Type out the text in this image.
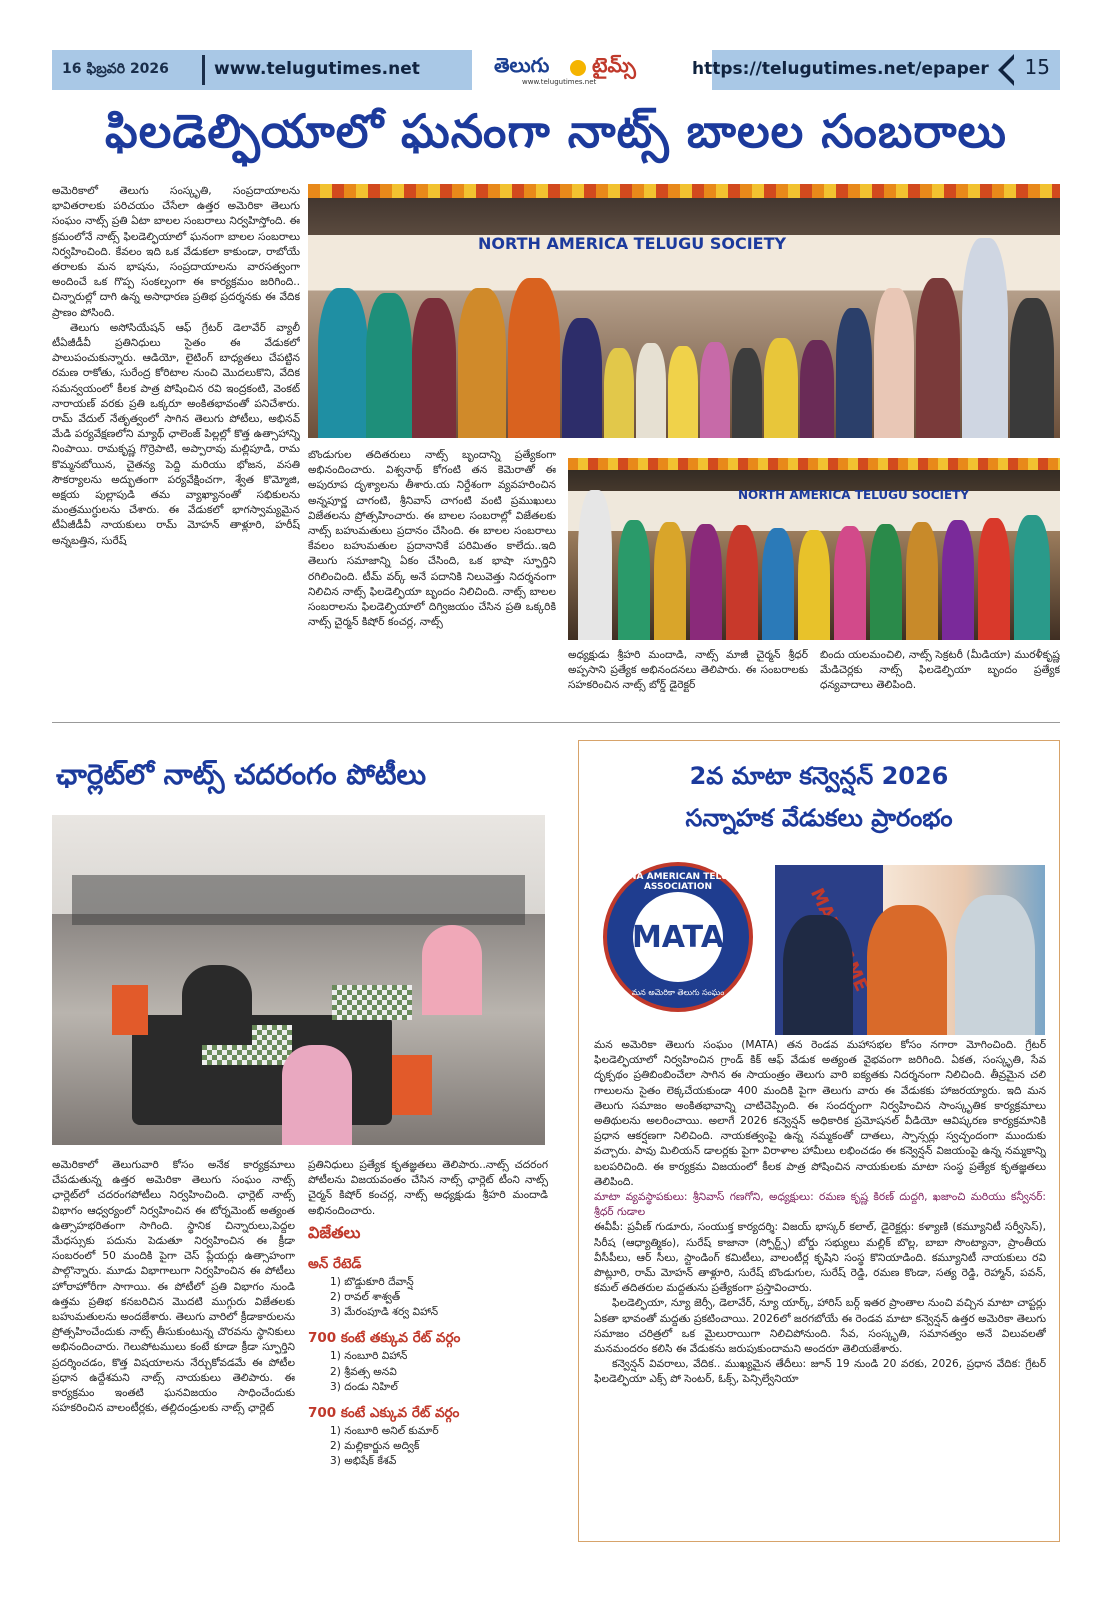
16 ఫిబ్రవరి 2026	www.telugutimes.net	తెలుగు టైమ్స్
www.telugutimes.net
https://telugutimes.net/epaper 15
ఫిలడెల్ఫియాలో ఘనంగా నాట్స్ బాలల సంబరాలు

అమెరికాలో తెలుగు సంస్కృతి, సంప్రదాయాలను భావితరాలకు పరిచయం చేసేలా ఉత్తర అమెరికా తెలుగు సంఘం నాట్స్ ప్రతి ఏటా బాలల సంబరాలు నిర్వహిస్తోంది. ఈ క్రమంలోనే నాట్స్ ఫిలడెల్ఫియాలో ఘనంగా బాలల సంబరాలు నిర్వహించింది. కేవలం ఇది ఒక వేడుకలా కాకుండా, రాబోయే తరాలకు మన భాషను, సంప్రదాయాలను వారసత్వంగా అందించే ఒక గొప్ప సంకల్పంగా ఈ కార్యక్రమం జరిగింది.. చిన్నారుల్లో దాగి ఉన్న అసాధారణ ప్రతిభ ప్రదర్శనకు ఈ వేదిక ప్రాణం పోసింది.

తెలుగు అసోసియేషన్ ఆఫ్ గ్రేటర్ డెలావేర్ వ్యాలీ టీఏజీడీవీ ప్రతినిధులు సైతం ఈ వేడుకలో పాలుపంచుకున్నారు. ఆడియో, లైటింగ్ బాధ్యతలు చేపట్టిన రమణ రాకోతు, సురేంద్ర కోరిటాల నుంచి మొదలుకొని, వేదిక సమన్వయంలో కీలక పాత్ర పోషించిన రవి ఇంద్రకంటి, వెంకట్ నారాయణ్ వరకు ప్రతి ఒక్కరూ అంకితభావంతో పనిచేశారు. రామ్ వేదుల్ నేతృత్వంలో సాగిన తెలుగు పోటీలు, అభినవ్ మేడి పర్యవేక్షణలోని మ్యాథ్ ఛాలెంజ్ పిల్లల్లో కొత్త ఉత్సాహాన్ని నింపాయి. రామకృష్ణ గొర్రెపాటి, అప్పారావు మల్లిపూడి, రామ కొమ్మనబోయిన, చైతన్య పెద్ది మరియు భోజన, వసతి సౌకర్యాలను అద్భుతంగా పర్యవేక్షించగా, శ్వేత కొమ్మోజి, అక్షయ పుల్లాపుడి తమ వ్యాఖ్యానంతో సభికులను మంత్రముగ్ధులను చేశారు. ఈ వేడుకలో భాగస్వామ్యమైన టీఏజీడీవీ నాయకులు రామ్ మోహన్ తాళ్లూరి, హరీష్ అన్నబత్తిన, సురేష్

NORTH AMERICA TELUGU SOCIETY

బొండుగుల తదితరులు నాట్స్ బృందాన్ని ప్రత్యేకంగా అభినందించారు. విశ్వనాథ్ కోగంటి తన కెమెరాతో ఈ అపురూప దృశ్యాలను తీశారు.య నిర్దేశంగా వ్యవహరించిన అన్నపూర్ణ చాగంటి, శ్రీనివాస్ చాగంటి వంటి ప్రముఖులు విజేతలను ప్రోత్సహించారు. ఈ బాలల సంబరాల్లో విజేతలకు నాట్స్ బహుమతులు ప్రదానం చేసింది. ఈ బాలల సంబరాలు కేవలం బహుమతుల ప్రదానానికే పరిమితం కాలేదు..ఇది తెలుగు సమాజాన్ని ఏకం చేసింది, ఒక భాషా స్ఫూర్తిని రగిలించింది. టీమ్ వర్క్ అనే పదానికి నిలువెత్తు నిదర్శనంగా నిలిచిన నాట్స్ ఫిలడెల్ఫియా బృందం నిలిచింది. నాట్స్ బాలల సంబరాలను ఫిలడెల్ఫియాలో దిగ్విజయం చేసిన ప్రతి ఒక్కరికి నాట్స్ చైర్మన్ కిషోర్ కంచర్ల, నాట్స్

NORTH AMERICA TELUGU SOCIETY

అధ్యక్షుడు శ్రీహరి మందాడి, నాట్స్ మాజీ చైర్మన్ శ్రీధర్ అప్పసాని ప్రత్యేక అభినందనలు తెలిపారు. ఈ సంబరాలకు సహకరించిన నాట్స్ బోర్డ్ డైరెక్టర్

బిందు యలమంచిలి, నాట్స్ సెక్రటరీ (మీడియా) మురళీకృష్ణ మేడిచెర్లకు నాట్స్ ఫిలడెల్ఫియా బృందం ప్రత్యేక ధన్యవాదాలు తెలిపింది.

ఛార్లెట్‌లో నాట్స్ చదరంగం పోటీలు

అమెరికాలో తెలుగువారి కోసం అనేక కార్యక్రమాలు చేపడుతున్న ఉత్తర అమెరికా తెలుగు సంఘం నాట్స్ ఛార్లెట్‌లో చదరంగపోటీలు నిర్వహించింది. ఛార్లెట్ నాట్స్ విభాగం ఆధ్వర్యంలో నిర్వహించిన ఈ టోర్నమెంట్ అత్యంత ఉత్సాహభరితంగా సాగింది. స్థానిక చిన్నారులు,పెద్దల మేధస్సుకు పదును పెడుతూ నిర్వహించిన ఈ క్రీడా సంబరంలో 50 మందికి పైగా చెస్ ప్లేయర్లు ఉత్సాహంగా పాల్గొన్నారు. మూడు విభాగాలుగా నిర్వహించిన ఈ పోటీలు హోరాహోరీగా సాగాయి. ఈ పోటీలో ప్రతి విభాగం నుండి ఉత్తమ ప్రతిభ కనబరిచిన మొదటి ముగ్గురు విజేతలకు బహుమతులను అందజేశారు. తెలుగు వారిలో క్రీడాకారులను ప్రోత్సహించేందుకు నాట్స్ తీసుకుంటున్న చొరవను స్థానికులు అభినందించారు. గెలుపోటములు కంటే కూడా క్రీడా స్ఫూర్తిని ప్రదర్శించడం, కొత్త విషయాలను నేర్చుకోవడమే ఈ పోటీల ప్రధాన ఉద్దేశమని నాట్స్ నాయకులు తెలిపారు. ఈ కార్యక్రమం ఇంతటి ఘనవిజయం సాధించేందుకు సహకరించిన వాలంటీర్లకు, తల్లిదండ్రులకు నాట్స్ ఛార్లెట్

ప్రతినిధులు ప్రత్యేక కృతజ్ఞతలు తెలిపారు..నాట్స్ చదరంగ పోటీలను విజయవంతం చేసిన నాట్స్ ఛార్లెట్ టీంని నాట్స్ చైర్మన్ కిషోర్ కంచర్ల, నాట్స్ అధ్యక్షుడు శ్రీహరి మందాడి అభినందించారు.

విజేతలు
అన్ రేటెడ్
1) బొడ్డుకూరి దేవాన్ష్
2) రావల్ శాశ్వత్
3) మేరంపూడి శర్వ విహాన్
700 కంటే తక్కువ రేట్ వర్గం
1) నంబూరి విహాన్
2) శ్రీవత్స అనవి
3) దండు నిహిల్
700 కంటే ఎక్కువ రేట్ వర్గం
1) నంబూరి అనిల్ కుమార్
2) మల్లికార్జున అద్విక్
3) అభిషేక్ కేశవ్
2వ మాటా కన్వెన్షన్ 2026
సన్నాహక వేడుకలు ప్రారంభం
MANA AMERICAN TELUGU ASSOCIATION
MATA
మన అమెరికా తెలుగు సంఘం	AME

మన అమెరికా తెలుగు సంఘం (MATA) తన రెండవ మహాసభల కోసం నగారా మోగించింది. గ్రేటర్ ఫిలడెల్ఫియాలో నిర్వహించిన గ్రాండ్ కిక్ ఆఫ్ వేడుక అత్యంత వైభవంగా జరిగింది. ఏకత, సంస్కృతి, సేవ దృక్పథం ప్రతిబింబించేలా సాగిన ఈ సాయంత్రం తెలుగు వారి ఐక్యతకు నిదర్శనంగా నిలిచింది. తీవ్రమైన చలి గాలులను సైతం లెక్కచేయకుండా 400 మందికి పైగా తెలుగు వారు ఈ వేడుకకు హాజరయ్యారు. ఇది మన తెలుగు సమాజం అంకితభావాన్ని చాటిచెప్పింది. ఈ సందర్భంగా నిర్వహించిన సాంస్కృతిక కార్యక్రమాలు అతిథులను అలరించాయి. అలాగే 2026 కన్వెన్షన్ అధికారిక ప్రమోషనల్ వీడియో ఆవిష్కరణ కార్యక్రమానికి ప్రధాన ఆకర్షణగా నిలిచింది. నాయకత్వంపై ఉన్న నమ్మకంతో దాతలు, స్పాన్సర్లు స్వచ్ఛందంగా ముందుకు వచ్చారు. పావు మిలియన్ డాలర్లకు పైగా విరాళాల హామీలు లభించడం ఈ కన్వెన్షన్ విజయంపై ఉన్న నమ్మకాన్ని బలపరిచింది. ఈ కార్యక్రమ విజయంలో కీలక పాత్ర పోషించిన నాయకులకు మాటా సంస్థ ప్రత్యేక కృతజ్ఞతలు తెలిపింది.

మాటా వ్యవస్థాపకులు: శ్రీనివాస్ గణగోని, అధ్యక్షులు: రమణ కృష్ణ కిరణ్ దుద్దగి, ఖజాంచి మరియు కన్వీనర్: శ్రీధర్ గుడాల

ఈవీపీ: ప్రవీణ్ గుడూరు, సంయుక్త కార్యదర్శి: విజయ్ భాస్కర్ కలాల్, డైరెక్టర్లు: కళ్యాణి (కమ్యూనిటీ సర్వీసెస్), సిరీష (ఆధ్యాత్మికం), సురేష్ కాజానా (స్పోర్ట్స్) బోర్డు సభ్యులు మల్లిక్ బొల్ల, బాబా సొంట్యానా, ప్రాంతీయ వీసీపీలు, ఆర్ సీలు, స్టాండింగ్ కమిటీలు, వాలంటీర్ల కృషిని సంస్థ కొనియాడింది. కమ్యూనిటీ నాయకులు రవి పొట్లూరి, రామ్ మోహన్ తాళ్లూరి, సురేష్ బొండుగుల, సురేష్ రెడ్డి, రమణ కొండా, సత్య రెడ్డి, రెహ్మాన్, పవన్, కమల్ తదితరుల మద్దతును ప్రత్యేకంగా ప్రస్తావించారు.

ఫిలడెల్ఫియా, న్యూ జెర్సీ, డెలావేర్, న్యూ యార్క్, హారిస్ బర్గ్ ఇతర ప్రాంతాల నుంచి వచ్చిన మాటా చాప్టర్లు ఏకతా భావంతో మద్దతు ప్రకటించాయి. 2026లో జరగబోయే ఈ రెండవ మాటా కన్వెన్షన్ ఉత్తర అమెరికా తెలుగు సమాజం చరిత్రలో ఒక మైలురాయిగా నిలిచిపోనుంది. సేవ, సంస్కృతి, సమానత్వం అనే విలువలతో మనమందరం కలిసి ఈ వేడుకను జరుపుకుందామని అందరూ తెలియజేశారు.

కన్వెన్షన్ వివరాలు, వేదిక.. ముఖ్యమైన తేదీలు: జూన్ 19 నుండి 20 వరకు, 2026, ప్రధాన వేదిక: గ్రేటర్ ఫిలడెల్ఫియా ఎక్స్ పో సెంటర్, ఓక్స్, పెన్సిల్వేనియా
